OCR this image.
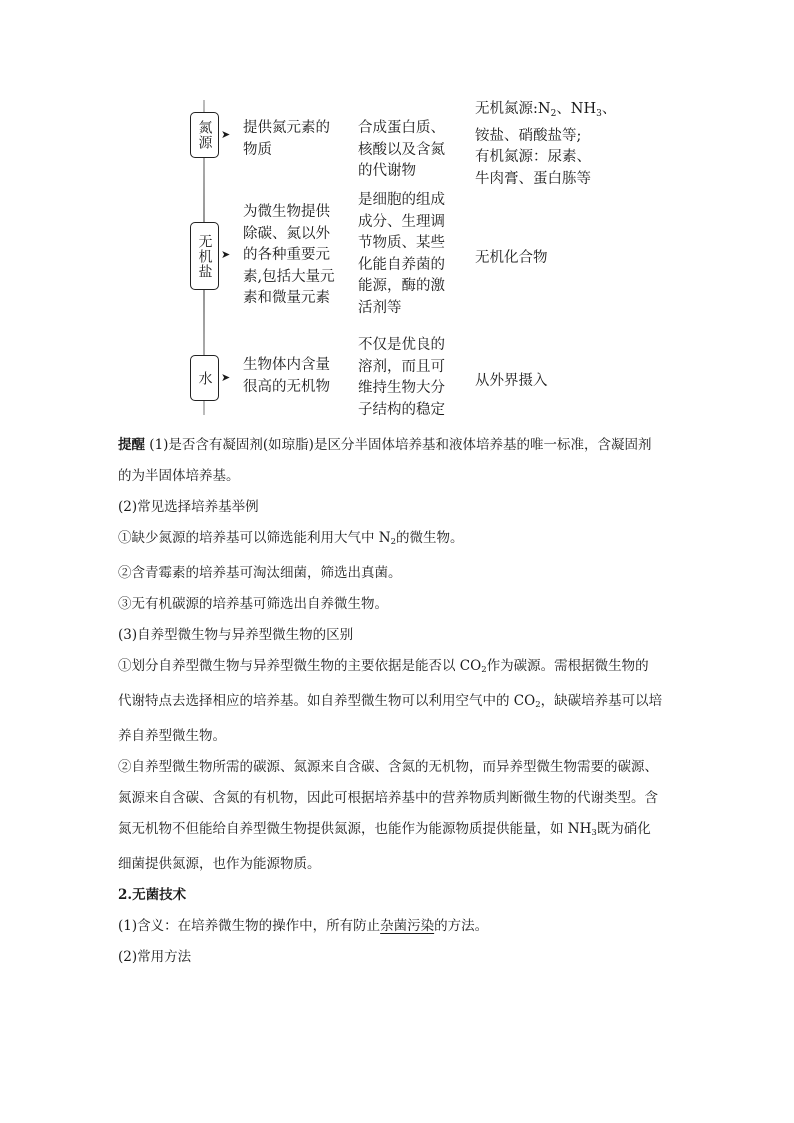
氮源 ➤ 提供氮元素的
物质
合成蛋白质、
核酸以及含氮
的代谢物
无机氮源$:N_2$、$NH_3$、
铵盐、硝酸盐等;
有机氮源：尿素、
牛肉膏、蛋白胨等
无机盐 ➤
为微生物提供
除碳、氮以外
的各种重要元
素,包括大量元
素和微量元素
是细胞的组成
成分、生理调
节物质、某些
化能自养菌的
能源，酶的激
活剂等
无机化合物
水 ➤
生物体内含量
很高的无机物
不仅是优良的
溶剂，而且可
维持生物大分
子结构的稳定
从外界摄入

提醒 (1)是否含有凝固剂(如琼脂)是区分半固体培养基和液体培养基的唯一标准，含凝固剂

的为半固体培养基。

(2)常见选择培养基举例

①缺少氮源的培养基可以筛选能利用大气中 N2的微生物。

②含青霉素的培养基可淘汰细菌，筛选出真菌。

③无有机碳源的培养基可筛选出自养微生物。

(3)自养型微生物与异养型微生物的区别

①划分自养型微生物与异养型微生物的主要依据是能否以 CO2作为碳源。需根据微生物的

代谢特点去选择相应的培养基。如自养型微生物可以利用空气中的 CO2，缺碳培养基可以培

养自养型微生物。

②自养型微生物所需的碳源、氮源来自含碳、含氮的无机物，而异养型微生物需要的碳源、

氮源来自含碳、含氮的有机物，因此可根据培养基中的营养物质判断微生物的代谢类型。含

氮无机物不但能给自养型微生物提供氮源，也能作为能源物质提供能量，如 NH3既为硝化

细菌提供氮源，也作为能源物质。

2.无菌技术

(1)含义：在培养微生物的操作中，所有防止杂菌污染的方法。

(2)常用方法
